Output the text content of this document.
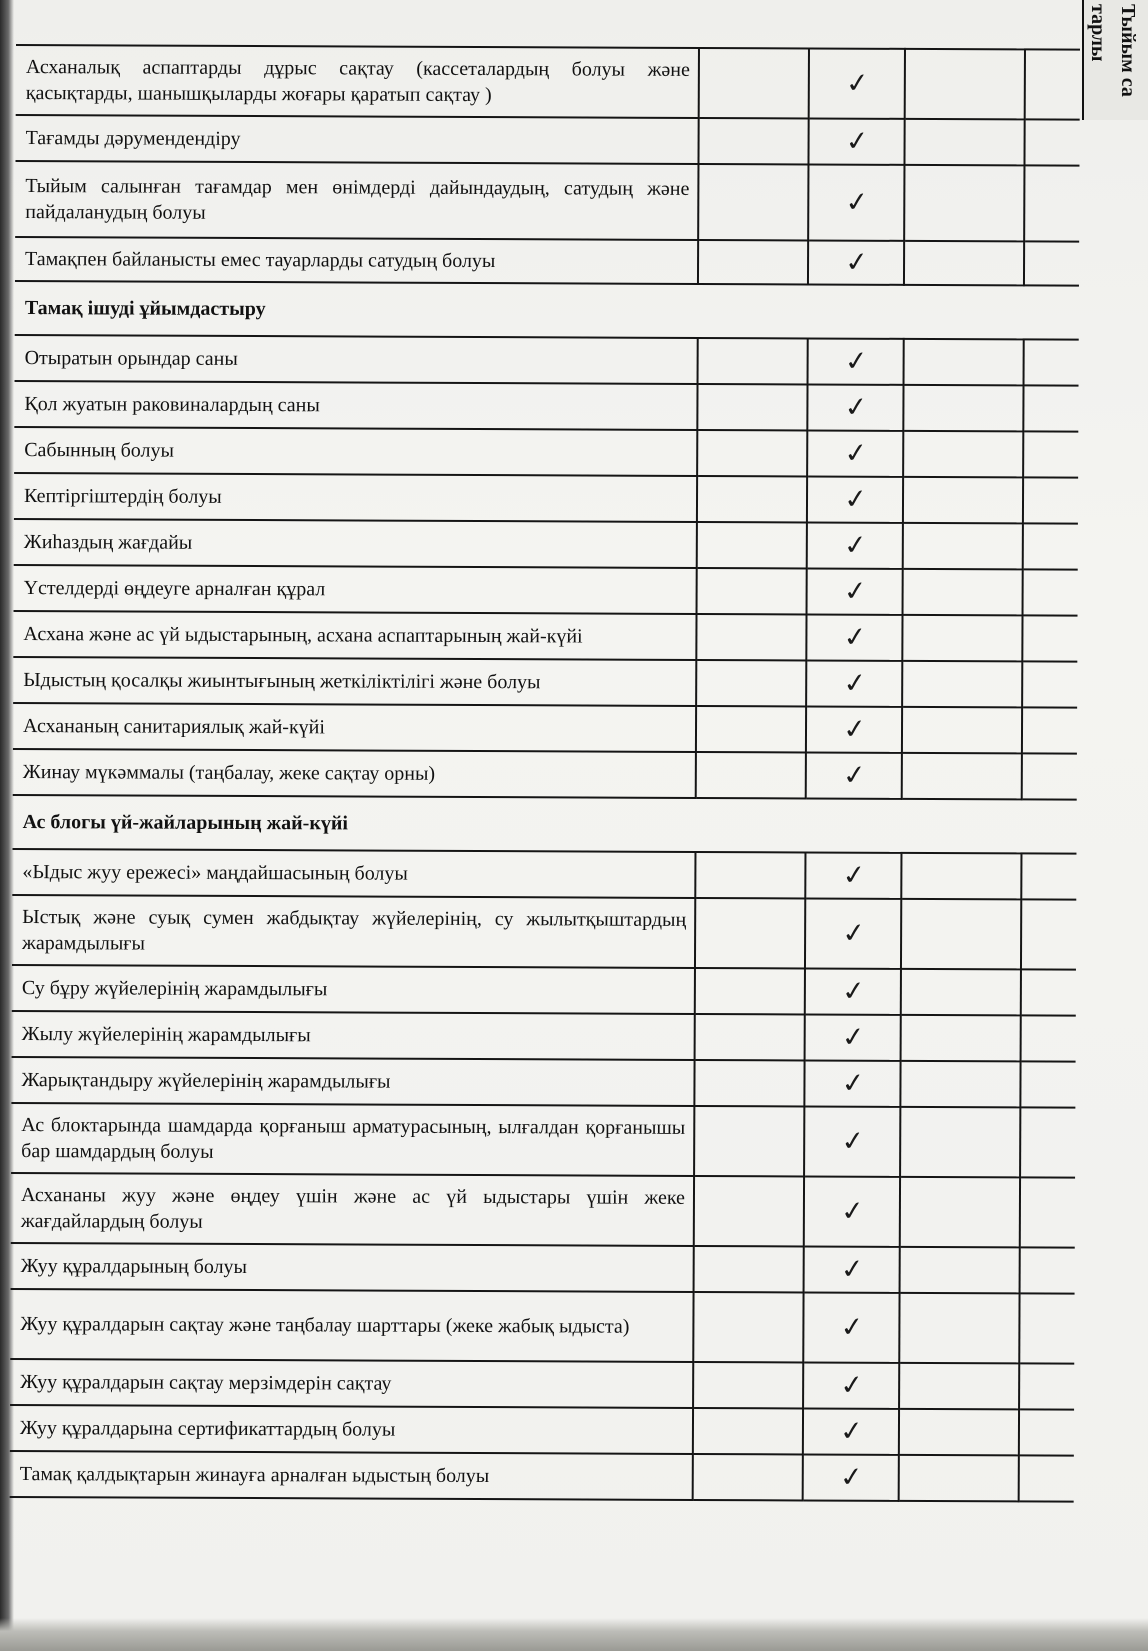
тарлы Тыйым са
Асханалық аспаптарды дұрыс сақтау (кассеталардың болуы және қасықтарды, шанышқыларды жоғары қаратып сақтау )		✓		
Тағамды дәрумендендіру		✓		
Тыйым салынған тағамдар мен өнімдерді дайындаудың, сатудың және пайдаланудың болуы		✓		
Тамақпен байланысты емес тауарларды сатудың болуы		✓		
Тамақ ішуді ұйымдастыру				
Отыратын орындар саны		✓		
Қол жуатын раковиналардың саны		✓		
Сабынның болуы		✓		
Кептіргіштердің болуы		✓		
Жиһаздың жағдайы		✓		
Үстелдерді өңдеуге арналған құрал		✓		
Асхана және ас үй ыдыстарының, асхана аспаптарының жай-күйі		✓		
Ыдыстың қосалқы жиынтығының жеткіліктілігі және болуы		✓		
Асхананың санитариялық жай-күйі		✓		
Жинау мүкәммалы (таңбалау, жеке сақтау орны)		✓		
Ас блогы үй-жайларының жай-күйі				
«Ыдыс жуу ережесі» маңдайшасының болуы		✓		
Ыстық және суық сумен жабдықтау жүйелерінің, су жылытқыштардың жарамдылығы		✓		
Су бұру жүйелерінің жарамдылығы		✓		
Жылу жүйелерінің жарамдылығы		✓		
Жарықтандыру жүйелерінің жарамдылығы		✓		
Ас блоктарында шамдарда қорғаныш арматурасының, ылғалдан қорғанышы бар шамдардың болуы		✓		
Асхананы жуу және өңдеу үшін және ас үй ыдыстары үшін жеке жағдайлардың болуы		✓		
Жуу құралдарының болуы		✓		
Жуу құралдарын сақтау және таңбалау шарттары (жеке жабық ыдыста)		✓		
Жуу құралдарын сақтау мерзімдерін сақтау		✓		
Жуу құралдарына сертификаттардың болуы		✓		
Тамақ қалдықтарын жинауға арналған ыдыстың болуы		✓		
